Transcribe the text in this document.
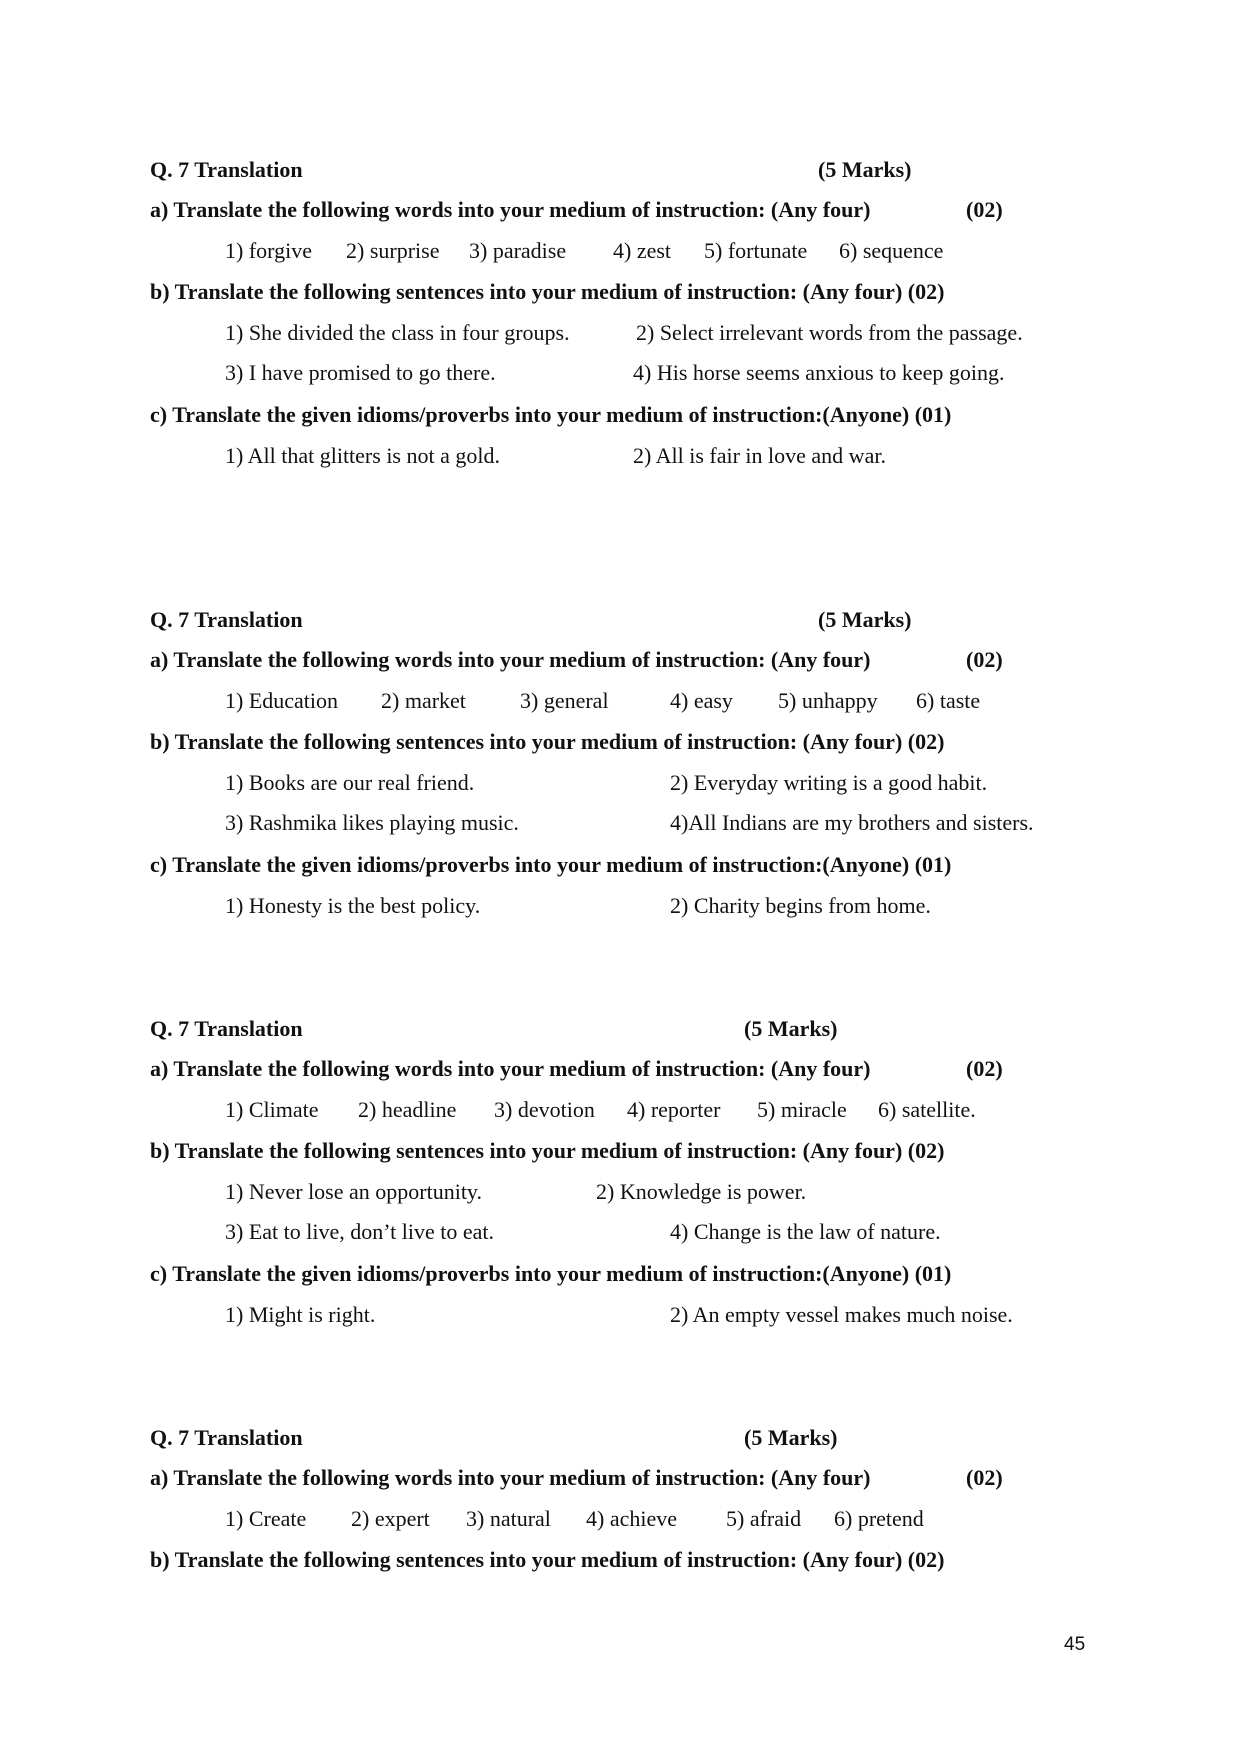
Q. 7 Translation	(5 Marks)
a) Translate the following words into your medium of instruction: (Any four)	(02)
1) forgive 2) surprise 3) paradise 4) zest 5) fortunate 6) sequence
b) Translate the following sentences into your medium of instruction: (Any four) (02)
1) She divided the class in four groups.	2) Select irrelevant words from the passage.
3) I have promised to go there.	4) His horse seems anxious to keep going.
c) Translate the given idioms/proverbs into your medium of instruction:(Anyone) (01)
1) All that glitters is not a gold.	2) All is fair in love and war.
Q. 7 Translation	(5 Marks)
a) Translate the following words into your medium of instruction: (Any four)	(02)
1) Education 2) market 3) general	4) easy 5) unhappy 6) taste
b) Translate the following sentences into your medium of instruction: (Any four) (02)
1) Books are our real friend.	2) Everyday writing is a good habit.
3) Rashmika likes playing music.	4)All Indians are my brothers and sisters.
c) Translate the given idioms/proverbs into your medium of instruction:(Anyone) (01)
1) Honesty is the best policy.	2) Charity begins from home.
Q. 7 Translation	(5 Marks)
a) Translate the following words into your medium of instruction: (Any four)	(02)
1) Climate 2) headline 3) devotion 4) reporter 5) miracle 6) satellite.
b) Translate the following sentences into your medium of instruction: (Any four) (02)
1) Never lose an opportunity.	2) Knowledge is power.
3) Eat to live, don’t live to eat.	4) Change is the law of nature.
c) Translate the given idioms/proverbs into your medium of instruction:(Anyone) (01)
1) Might is right.	2) An empty vessel makes much noise.
Q. 7 Translation	(5 Marks)
a) Translate the following words into your medium of instruction: (Any four)	(02)
1) Create 2) expert 3) natural 4) achieve 5) afraid 6) pretend
b) Translate the following sentences into your medium of instruction: (Any four) (02)
45
